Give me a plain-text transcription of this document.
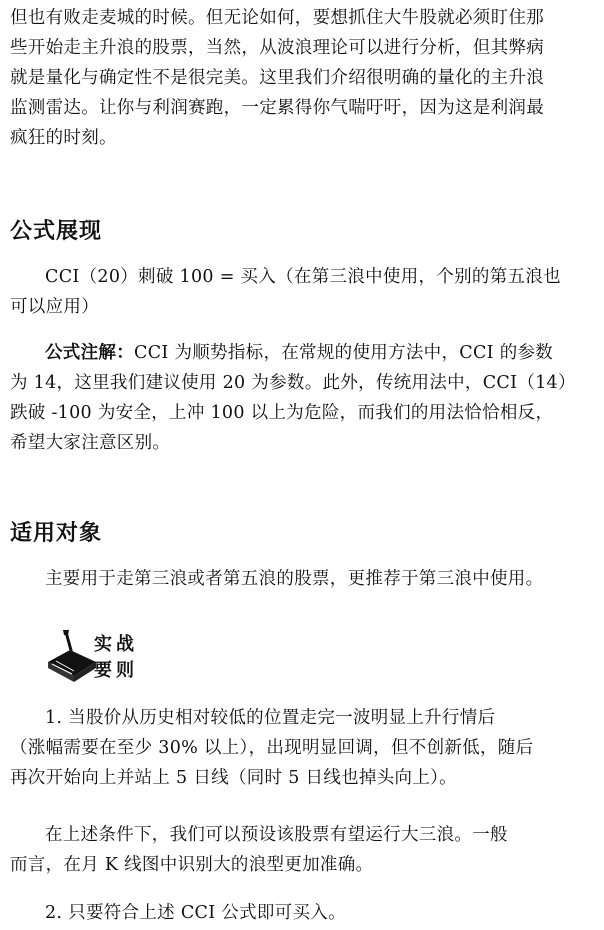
但也有败走麦城的时候。但无论如何，要想抓住大牛股就必须盯住那

些开始走主升浪的股票，当然，从波浪理论可以进行分析，但其弊病

就是量化与确定性不是很完美。这里我们介绍很明确的量化的主升浪

监测雷达。让你与利润赛跑，一定累得你气喘吁吁，因为这是利润最

疯狂的时刻。

公式展现

CCI（20）刺破 100 = 买入（在第三浪中使用，个别的第五浪也

可以应用）

公式注解：CCI 为顺势指标，在常规的使用方法中，CCI 的参数

为 14，这里我们建议使用 20 为参数。此外，传统用法中，CCI（14）

跌破 -100 为安全，上冲 100 以上为危险，而我们的用法恰恰相反，

希望大家注意区别。

适用对象

主要用于走第三浪或者第五浪的股票，更推荐于第三浪中使用。

实战
要则

1. 当股价从历史相对较低的位置走完一波明显上升行情后

（涨幅需要在至少 30% 以上），出现明显回调，但不创新低，随后

再次开始向上并站上 5 日线（同时 5 日线也掉头向上）。

在上述条件下，我们可以预设该股票有望运行大三浪。一般

而言，在月 K 线图中识别大的浪型更加准确。

2. 只要符合上述 CCI 公式即可买入。
